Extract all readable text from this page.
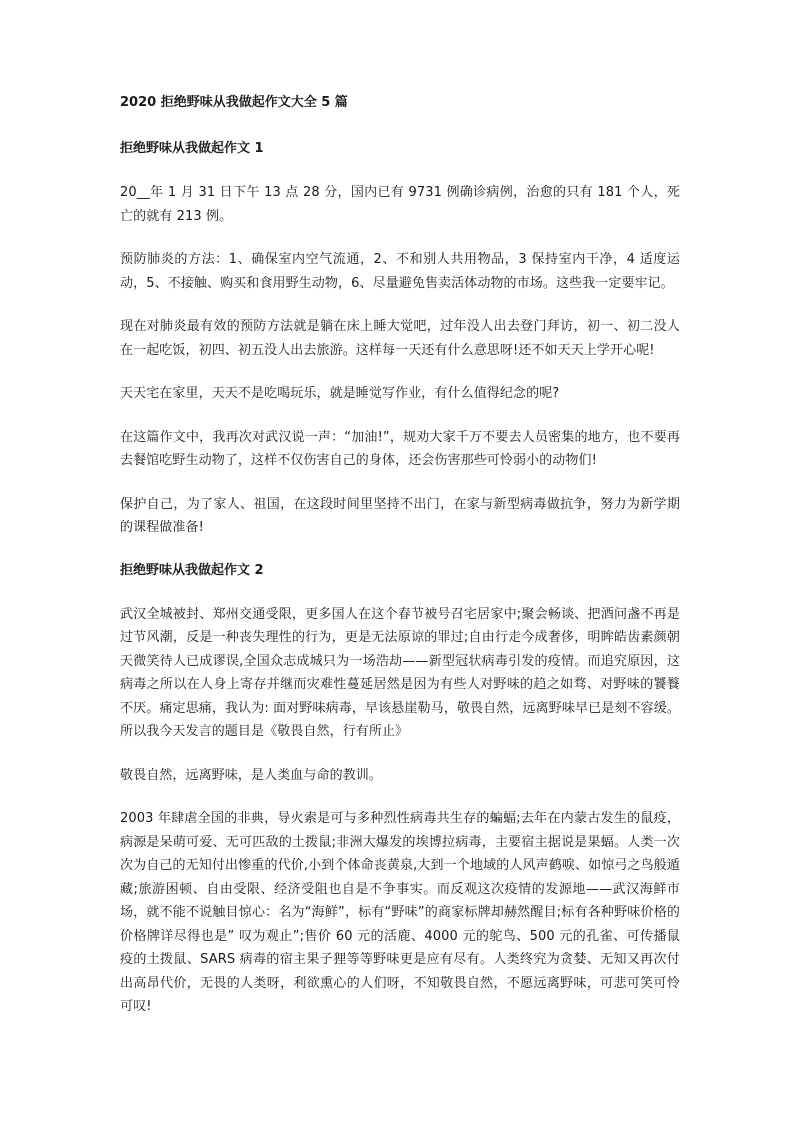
2020 拒绝野味从我做起作文大全 5 篇
拒绝野味从我做起作文 1

20__年 1 月 31 日下午 13 点 28 分，国内已有 9731 例确诊病例，治愈的只有 181 个人，死亡的就有 213 例。

预防肺炎的方法：1、确保室内空气流通，2、不和别人共用物品，3 保持室内干净，4 适度运动，5、不接触、购买和食用野生动物，6、尽量避免售卖活体动物的市场。这些我一定要牢记。

现在对肺炎最有效的预防方法就是躺在床上睡大觉吧，过年没人出去登门拜访，初一、初二没人在一起吃饭，初四、初五没人出去旅游。这样每一天还有什么意思呀!还不如天天上学开心呢!

天天宅在家里，天天不是吃喝玩乐，就是睡觉写作业，有什么值得纪念的呢?

在这篇作文中，我再次对武汉说一声：“加油!”，规劝大家千万不要去人员密集的地方，也不要再去餐馆吃野生动物了，这样不仅伤害自己的身体，还会伤害那些可怜弱小的动物们!

保护自己，为了家人、祖国，在这段时间里坚持不出门，在家与新型病毒做抗争，努力为新学期的课程做准备!

拒绝野味从我做起作文 2

武汉全城被封、郑州交通受限，更多国人在这个春节被号召宅居家中;聚会畅谈、把酒问盏不再是过节风潮，反是一种丧失理性的行为，更是无法原谅的罪过;自由行走今成奢侈，明眸皓齿素颜朝天微笑待人已成谬误,全国众志成城只为一场浩劫——新型冠状病毒引发的疫情。而追究原因，这病毒之所以在人身上寄存并继而灾难性蔓延居然是因为有些人对野味的趋之如骛、对野味的饕餮不厌。痛定思痛，我认为: 面对野味病毒，早该悬崖勒马，敬畏自然，远离野味早已是刻不容缓。所以我今天发言的题目是《敬畏自然，行有所止》

敬畏自然，远离野味，是人类血与命的教训。

2003 年肆虐全国的非典，导火索是可与多种烈性病毒共生存的蝙蝠;去年在内蒙古发生的鼠疫，病源是呆萌可爱、无可匹敌的土拨鼠;非洲大爆发的埃博拉病毒，主要宿主据说是果蝠。人类一次次为自己的无知付出惨重的代价,小到个体命丧黄泉,大到一个地域的人风声鹤唳、如惊弓之鸟般遁藏;旅游困顿、自由受限、经济受阻也自是不争事实。而反观这次疫情的发源地——武汉海鲜市场，就不能不说触目惊心：名为“海鲜”，标有“野味”的商家标牌却赫然醒目;标有各种野味价格的价格牌详尽得也是” 叹为观止”;售价 60 元的活鹿、4000 元的鸵鸟、500 元的孔雀、可传播鼠疫的土拨鼠、SARS 病毒的宿主果子狸等等野味更是应有尽有。人类终究为贪婪、无知又再次付出高昂代价，无畏的人类呀，利欲熏心的人们呀，不知敬畏自然，不愿远离野味，可悲可笑可怜可叹!
